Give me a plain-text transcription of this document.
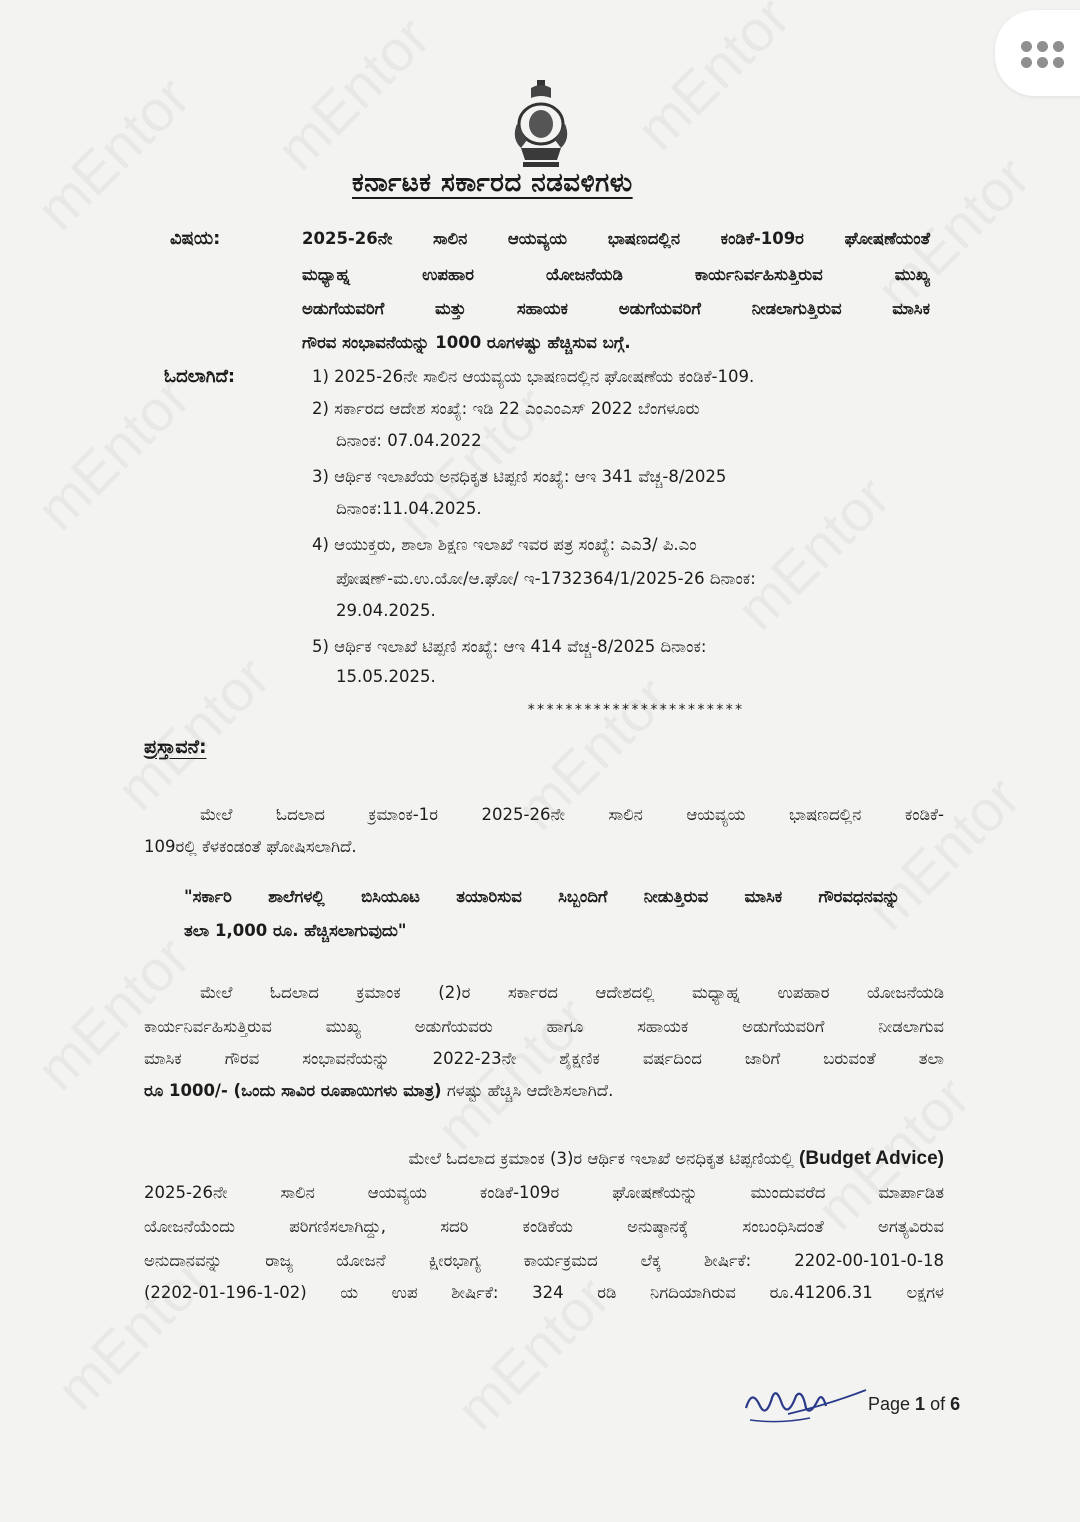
ಕರ್ನಾಟಕ ಸರ್ಕಾರದ ನಡವಳಿಗಳು
ವಿಷಯ:	2025-26ನೇ ಸಾಲಿನ ಆಯವ್ಯಯ ಭಾಷಣದಲ್ಲಿನ ಕಂಡಿಕೆ-109ರ ಘೋಷಣೆಯಂತೆ
ಮಧ್ಯಾಹ್ನ ಉಪಹಾರ ಯೋಜನೆಯಡಿ ಕಾರ್ಯನಿರ್ವಹಿಸುತ್ತಿರುವ ಮುಖ್ಯ
ಅಡುಗೆಯವರಿಗೆ ಮತ್ತು ಸಹಾಯಕ ಅಡುಗೆಯವರಿಗೆ ನೀಡಲಾಗುತ್ತಿರುವ ಮಾಸಿಕ
ಗೌರವ ಸಂಭಾವನೆಯನ್ನು 1000 ರೂಗಳಷ್ಟು ಹೆಚ್ಚಿಸುವ ಬಗ್ಗೆ.
ಓದಲಾಗಿದೆ:	1) 2025-26ನೇ ಸಾಲಿನ ಆಯವ್ಯಯ ಭಾಷಣದಲ್ಲಿನ ಘೋಷಣೆಯ ಕಂಡಿಕೆ-109.
2) ಸರ್ಕಾರದ ಆದೇಶ ಸಂಖ್ಯೆ: ಇಡಿ 22 ಎಂಎಂಎಸ್ 2022 ಬೆಂಗಳೂರು
ದಿನಾಂಕ: 07.04.2022
3) ಆರ್ಥಿಕ ಇಲಾಖೆಯ ಅನಧಿಕೃತ ಟಿಪ್ಪಣಿ ಸಂಖ್ಯೆ: ಆಇ 341 ವೆಚ್ಚ-8/2025
ದಿನಾಂಕ:11.04.2025.
4) ಆಯುಕ್ತರು, ಶಾಲಾ ಶಿಕ್ಷಣ ಇಲಾಖೆ ಇವರ ಪತ್ರ ಸಂಖ್ಯೆ: ಎಎ3/ ಪಿ.ಎಂ
ಪೋಷಣ್-ಮ.ಉ.ಯೋ/ಆ.ಘೋ/ ಇ-1732364/1/2025-26 ದಿನಾಂಕ:
29.04.2025.
5) ಆರ್ಥಿಕ ಇಲಾಖೆ ಟಿಪ್ಪಣಿ ಸಂಖ್ಯೆ: ಆಇ 414 ವೆಚ್ಚ-8/2025 ದಿನಾಂಕ:
15.05.2025.
***********************
ಪ್ರಸ್ತಾವನೆ:
ಮೇಲೆ ಓದಲಾದ ಕ್ರಮಾಂಕ-1ರ 2025-26ನೇ ಸಾಲಿನ ಆಯವ್ಯಯ ಭಾಷಣದಲ್ಲಿನ ಕಂಡಿಕೆ-
109ರಲ್ಲಿ ಕೆಳಕಂಡಂತೆ ಘೋಷಿಸಲಾಗಿದೆ.
"ಸರ್ಕಾರಿ ಶಾಲೆಗಳಲ್ಲಿ ಬಿಸಿಯೂಟ ತಯಾರಿಸುವ ಸಿಬ್ಬಂದಿಗೆ ನೀಡುತ್ತಿರುವ ಮಾಸಿಕ ಗೌರವಧನವನ್ನು
ತಲಾ 1,000 ರೂ. ಹೆಚ್ಚಿಸಲಾಗುವುದು"
ಮೇಲೆ ಓದಲಾದ ಕ್ರಮಾಂಕ (2)ರ ಸರ್ಕಾರದ ಆದೇಶದಲ್ಲಿ ಮಧ್ಯಾಹ್ನ ಉಪಹಾರ ಯೋಜನೆಯಡಿ
ಕಾರ್ಯನಿರ್ವಹಿಸುತ್ತಿರುವ ಮುಖ್ಯ ಅಡುಗೆಯವರು ಹಾಗೂ ಸಹಾಯಕ ಅಡುಗೆಯವರಿಗೆ ನೀಡಲಾಗುವ
ಮಾಸಿಕ ಗೌರವ ಸಂಭಾವನೆಯನ್ನು 2022-23ನೇ ಶೈಕ್ಷಣಿಕ ವರ್ಷದಿಂದ ಜಾರಿಗೆ ಬರುವಂತೆ ತಲಾ
ರೂ 1000/- (ಒಂದು ಸಾವಿರ ರೂಪಾಯಿಗಳು ಮಾತ್ರ) ಗಳಷ್ಟು ಹೆಚ್ಚಿಸಿ ಆದೇಶಿಸಲಾಗಿದೆ.
ಮೇಲೆ ಓದಲಾದ ಕ್ರಮಾಂಕ (3)ರ ಆರ್ಥಿಕ ಇಲಾಖೆ ಅನಧಿಕೃತ ಟಿಪ್ಪಣಿಯಲ್ಲಿ (Budget Advice)
2025-26ನೇ ಸಾಲಿನ ಆಯವ್ಯಯ ಕಂಡಿಕೆ-109ರ ಘೋಷಣೆಯನ್ನು ಮುಂದುವರೆದ ಮಾರ್ಪಾಡಿತ
ಯೋಜನೆಯೆಂದು ಪರಿಗಣಿಸಲಾಗಿದ್ದು, ಸದರಿ ಕಂಡಿಕೆಯ ಅನುಷ್ಠಾನಕ್ಕೆ ಸಂಬಂಧಿಸಿದಂತೆ ಅಗತ್ಯವಿರುವ
ಅನುದಾನವನ್ನು ರಾಜ್ಯ ಯೋಜನೆ ಕ್ಷೀರಭಾಗ್ಯ ಕಾರ್ಯಕ್ರಮದ ಲೆಕ್ಕ ಶೀರ್ಷಿಕೆ: 2202-00-101-0-18
(2202-01-196-1-02) ಯ ಉಪ ಶೀರ್ಷಿಕೆ: 324 ರಡಿ ನಿಗದಿಯಾಗಿರುವ ರೂ.41206.31 ಲಕ್ಷಗಳ
Page 1 of 6
